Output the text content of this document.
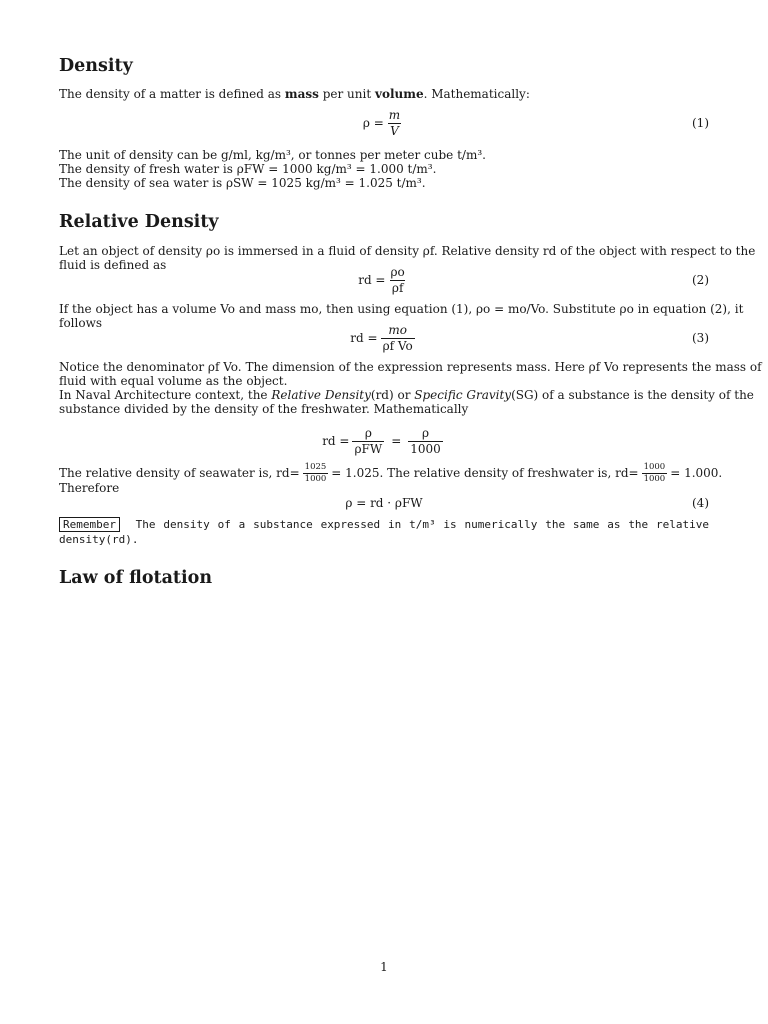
Density
The density of a matter is defined as mass per unit volume. Mathematically:
$\rho = \frac{m}{V}$	(1)
The unit of density can be g/ml, kg/m³, or tonnes per meter cube t/m³.
The density of fresh water is ρFW = 1000 kg/m³ = 1.000 t/m³.
The density of sea water is ρSW = 1025 kg/m³ = 1.025 t/m³.
Relative Density
Let an object of density ρo is immersed in a fluid of density ρf. Relative density rd of the object with respect to the
fluid is defined as
rd = $\frac{\rho o}{\rho f}$	(2)
If the object has a volume Vo and mass mo, then using equation (1), ρo = mo/Vo. Substitute ρo in equation (2), it
follows
rd = $\frac{mo}{\text{ρf Vo}}$	(3)
Notice the denominator ρf Vo. The dimension of the expression represents mass. Here ρf Vo represents the mass of
fluid with equal volume as the object.
In Naval Architecture context, the Relative Density(rd) or Specific Gravity(SG) of a substance is the density of the
substance divided by the density of the freshwater. Mathematically
rd = $\frac{\rho}{\text{ρFW}} = \frac{\rho}{1000}$
The relative density of seawater is, $rd= \frac{1025}{1000} = 1.025$. The relative density of freshwater is, $rd= \frac{1000}{1000} = 1.000$.
Therefore
ρ = rd · ρFW	(4)
Remember The density of a substance expressed in t/m³ is numerically the same as the relative
density(rd).
Law of flotation
1
